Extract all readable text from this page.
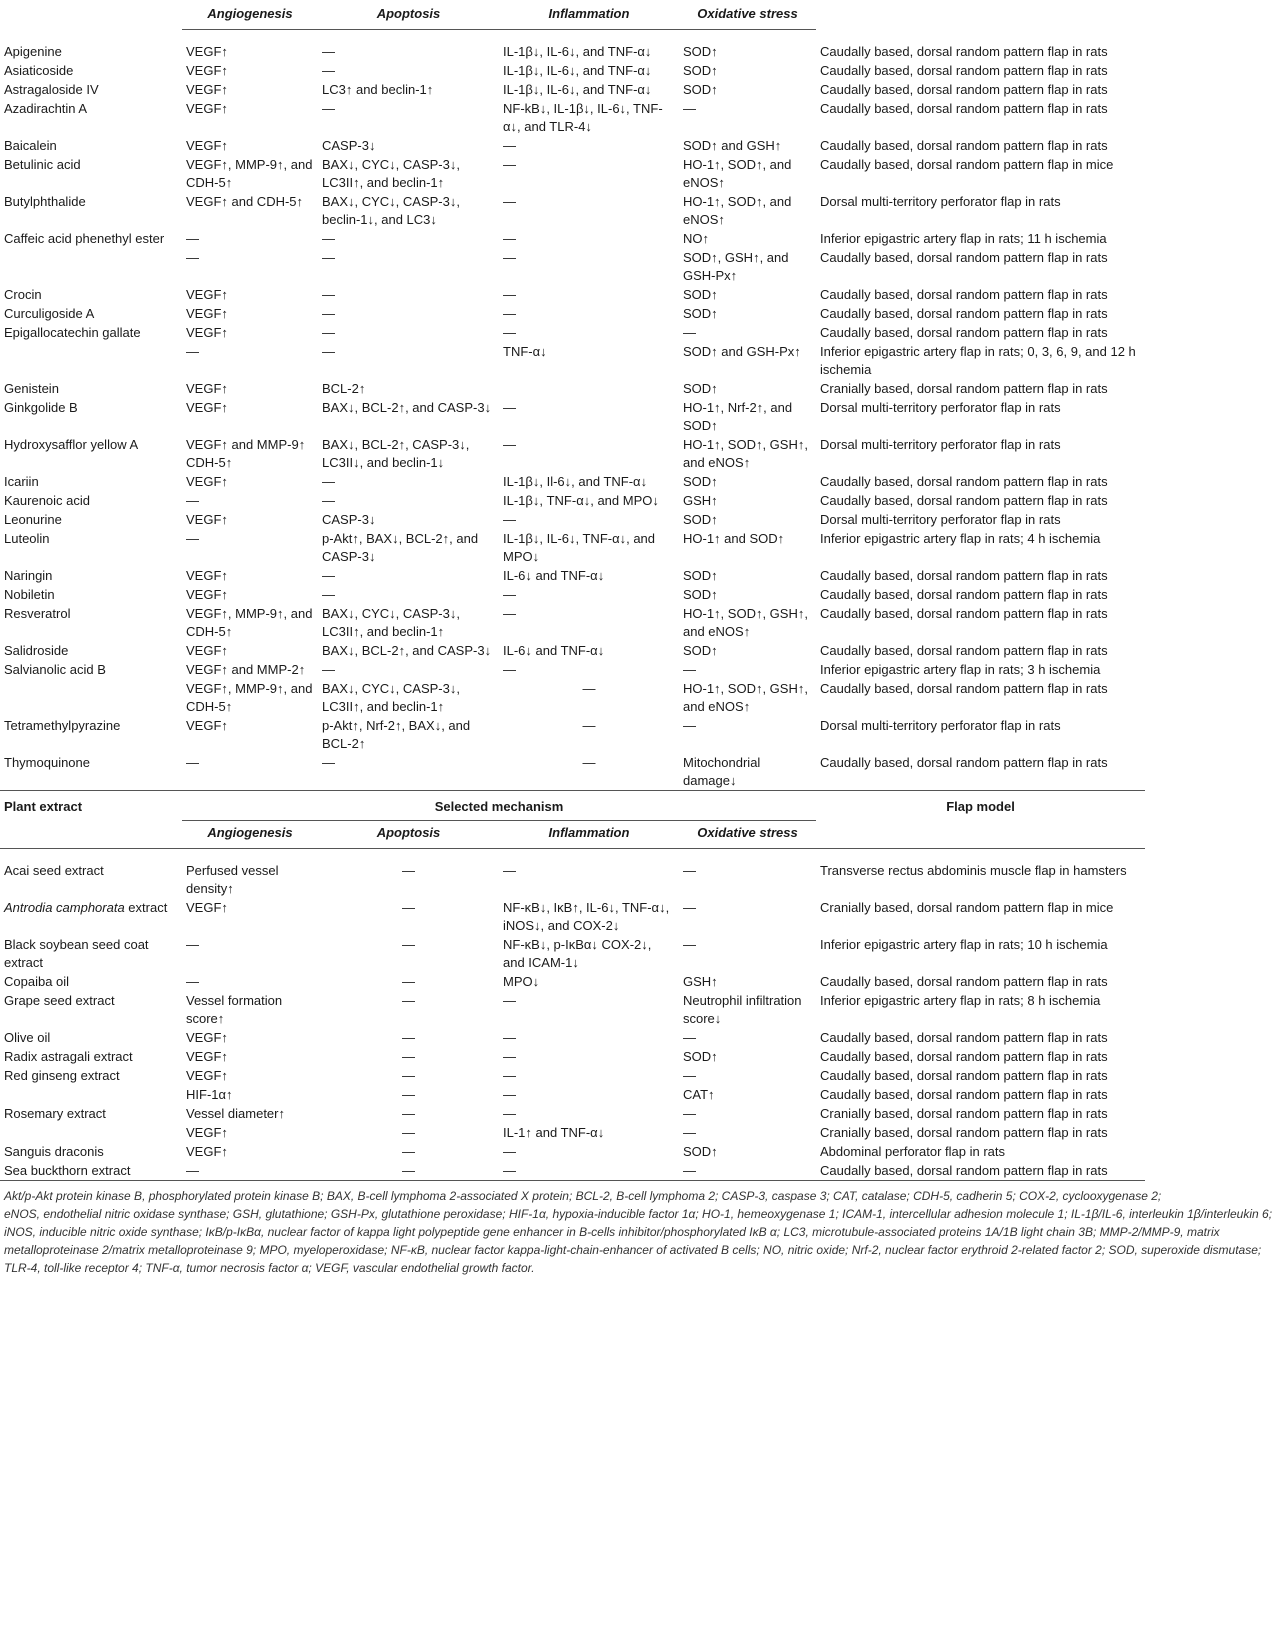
	Angiogenesis	Apoptosis	Inflammation	Oxidative stress	

Apigenine	VEGF↑	—	IL-1β↓, IL-6↓, and TNF-α↓	SOD↑	Caudally based, dorsal random pattern flap in rats
Asiaticoside	VEGF↑	—	IL-1β↓, IL-6↓, and TNF-α↓	SOD↑	Caudally based, dorsal random pattern flap in rats
Astragaloside IV	VEGF↑	LC3↑ and beclin-1↑	IL-1β↓, IL-6↓, and TNF-α↓	SOD↑	Caudally based, dorsal random pattern flap in rats
Azadirachtin A	VEGF↑	—	NF-kB↓, IL-1β↓, IL-6↓, TNF-α↓, and TLR-4↓	—	Caudally based, dorsal random pattern flap in rats
Baicalein	VEGF↑	CASP-3↓	—	SOD↑ and GSH↑	Caudally based, dorsal random pattern flap in rats
Betulinic acid	VEGF↑, MMP-9↑, and CDH-5↑	BAX↓, CYC↓, CASP-3↓, LC3II↑, and beclin-1↑	—	HO-1↑, SOD↑, and eNOS↑	Caudally based, dorsal random pattern flap in mice
Butylphthalide	VEGF↑ and CDH-5↑	BAX↓, CYC↓, CASP-3↓, beclin-1↓, and LC3↓	—	HO-1↑, SOD↑, and eNOS↑	Dorsal multi-territory perforator flap in rats
Caffeic acid phenethyl ester	—	—	—	NO↑	Inferior epigastric artery flap in rats; 11 h ischemia
	—	—	—	SOD↑, GSH↑, and GSH-Px↑	Caudally based, dorsal random pattern flap in rats
Crocin	VEGF↑	—	—	SOD↑	Caudally based, dorsal random pattern flap in rats
Curculigoside A	VEGF↑	—	—	SOD↑	Caudally based, dorsal random pattern flap in rats
Epigallocatechin gallate	VEGF↑	—	—	—	Caudally based, dorsal random pattern flap in rats
	—	—	TNF-α↓	SOD↑ and GSH-Px↑	Inferior epigastric artery flap in rats; 0, 3, 6, 9, and 12 h ischemia
Genistein	VEGF↑	BCL-2↑		SOD↑	Cranially based, dorsal random pattern flap in rats
Ginkgolide B	VEGF↑	BAX↓, BCL-2↑, and CASP-3↓	—	HO-1↑, Nrf-2↑, and SOD↑	Dorsal multi-territory perforator flap in rats
Hydroxysafflor yellow A	VEGF↑ and MMP-9↑ CDH-5↑	BAX↓, BCL-2↑, CASP-3↓, LC3II↓, and beclin-1↓	—	HO-1↑, SOD↑, GSH↑, and eNOS↑	Dorsal multi-territory perforator flap in rats
Icariin	VEGF↑	—	IL-1β↓, Il-6↓, and TNF-α↓	SOD↑	Caudally based, dorsal random pattern flap in rats
Kaurenoic acid	—	—	IL-1β↓, TNF-α↓, and MPO↓	GSH↑	Caudally based, dorsal random pattern flap in rats
Leonurine	VEGF↑	CASP-3↓	—	SOD↑	Dorsal multi-territory perforator flap in rats
Luteolin	—	p-Akt↑, BAX↓, BCL-2↑, and CASP-3↓	IL-1β↓, IL-6↓, TNF-α↓, and MPO↓	HO-1↑ and SOD↑	Inferior epigastric artery flap in rats; 4 h ischemia
Naringin	VEGF↑	—	IL-6↓ and TNF-α↓	SOD↑	Caudally based, dorsal random pattern flap in rats
Nobiletin	VEGF↑	—	—	SOD↑	Caudally based, dorsal random pattern flap in rats
Resveratrol	VEGF↑, MMP-9↑, and CDH-5↑	BAX↓, CYC↓, CASP-3↓, LC3II↑, and beclin-1↑	—	HO-1↑, SOD↑, GSH↑, and eNOS↑	Caudally based, dorsal random pattern flap in rats
Salidroside	VEGF↑	BAX↓, BCL-2↑, and CASP-3↓	IL-6↓ and TNF-α↓	SOD↑	Caudally based, dorsal random pattern flap in rats
Salvianolic acid B	VEGF↑ and MMP-2↑	—	—	—	Inferior epigastric artery flap in rats; 3 h ischemia
	VEGF↑, MMP-9↑, and CDH-5↑	BAX↓, CYC↓, CASP-3↓, LC3II↑, and beclin-1↑	—	HO-1↑, SOD↑, GSH↑, and eNOS↑	Caudally based, dorsal random pattern flap in rats
Tetramethylpyrazine	VEGF↑	p-Akt↑, Nrf-2↑, BAX↓, and BCL-2↑	—	—	Dorsal multi-territory perforator flap in rats
Thymoquinone	—	—	—	Mitochondrial damage↓	Caudally based, dorsal random pattern flap in rats
Plant extract	Selected mechanism				Flap model
	Angiogenesis	Apoptosis	Inflammation	Oxidative stress	

Acai seed extract	Perfused vessel density↑	—	—	—	Transverse rectus abdominis muscle flap in hamsters
Antrodia camphorata extract	VEGF↑	—	NF-κB↓, IκB↑, IL-6↓, TNF-α↓, iNOS↓, and COX-2↓	—	Cranially based, dorsal random pattern flap in mice
Black soybean seed coat extract	—	—	NF-κB↓, p-IκBα↓ COX-2↓, and ICAM-1↓	—	Inferior epigastric artery flap in rats; 10 h ischemia
Copaiba oil	—	—	MPO↓	GSH↑	Caudally based, dorsal random pattern flap in rats
Grape seed extract	Vessel formation score↑	—	—	Neutrophil infiltration score↓	Inferior epigastric artery flap in rats; 8 h ischemia
Olive oil	VEGF↑	—	—	—	Caudally based, dorsal random pattern flap in rats
Radix astragali extract	VEGF↑	—	—	SOD↑	Caudally based, dorsal random pattern flap in rats
Red ginseng extract	VEGF↑	—	—	—	Caudally based, dorsal random pattern flap in rats
	HIF-1α↑	—	—	CAT↑	Caudally based, dorsal random pattern flap in rats
Rosemary extract	Vessel diameter↑	—	—	—	Cranially based, dorsal random pattern flap in rats
	VEGF↑	—	IL-1↑ and TNF-α↓	—	Cranially based, dorsal random pattern flap in rats
Sanguis draconis	VEGF↑	—	—	SOD↑	Abdominal perforator flap in rats
Sea buckthorn extract	—	—	—	—	Caudally based, dorsal random pattern flap in rats
Akt/p-Akt protein kinase B, phosphorylated protein kinase B; BAX, B-cell lymphoma 2-associated X protein; BCL-2, B-cell lymphoma 2; CASP-3, caspase 3; CAT, catalase; CDH-5, cadherin 5; COX-2, cyclooxygenase 2;
eNOS, endothelial nitric oxidase synthase; GSH, glutathione; GSH-Px, glutathione peroxidase; HIF-1α, hypoxia-inducible factor 1α; HO-1, hemeoxygenase 1; ICAM-1, intercellular adhesion molecule 1; IL-1β/IL-6, interleukin 1β/interleukin 6;
iNOS, inducible nitric oxide synthase; IκB/p-IκBα, nuclear factor of kappa light polypeptide gene enhancer in B-cells inhibitor/phosphorylated IκB α; LC3, microtubule-associated proteins 1A/1B light chain 3B; MMP-2/MMP-9, matrix
metalloproteinase 2/matrix metalloproteinase 9; MPO, myeloperoxidase; NF-κB, nuclear factor kappa-light-chain-enhancer of activated B cells; NO, nitric oxide; Nrf-2, nuclear factor erythroid 2-related factor 2; SOD, superoxide dismutase;
TLR-4, toll-like receptor 4; TNF-α, tumor necrosis factor α; VEGF, vascular endothelial growth factor.
